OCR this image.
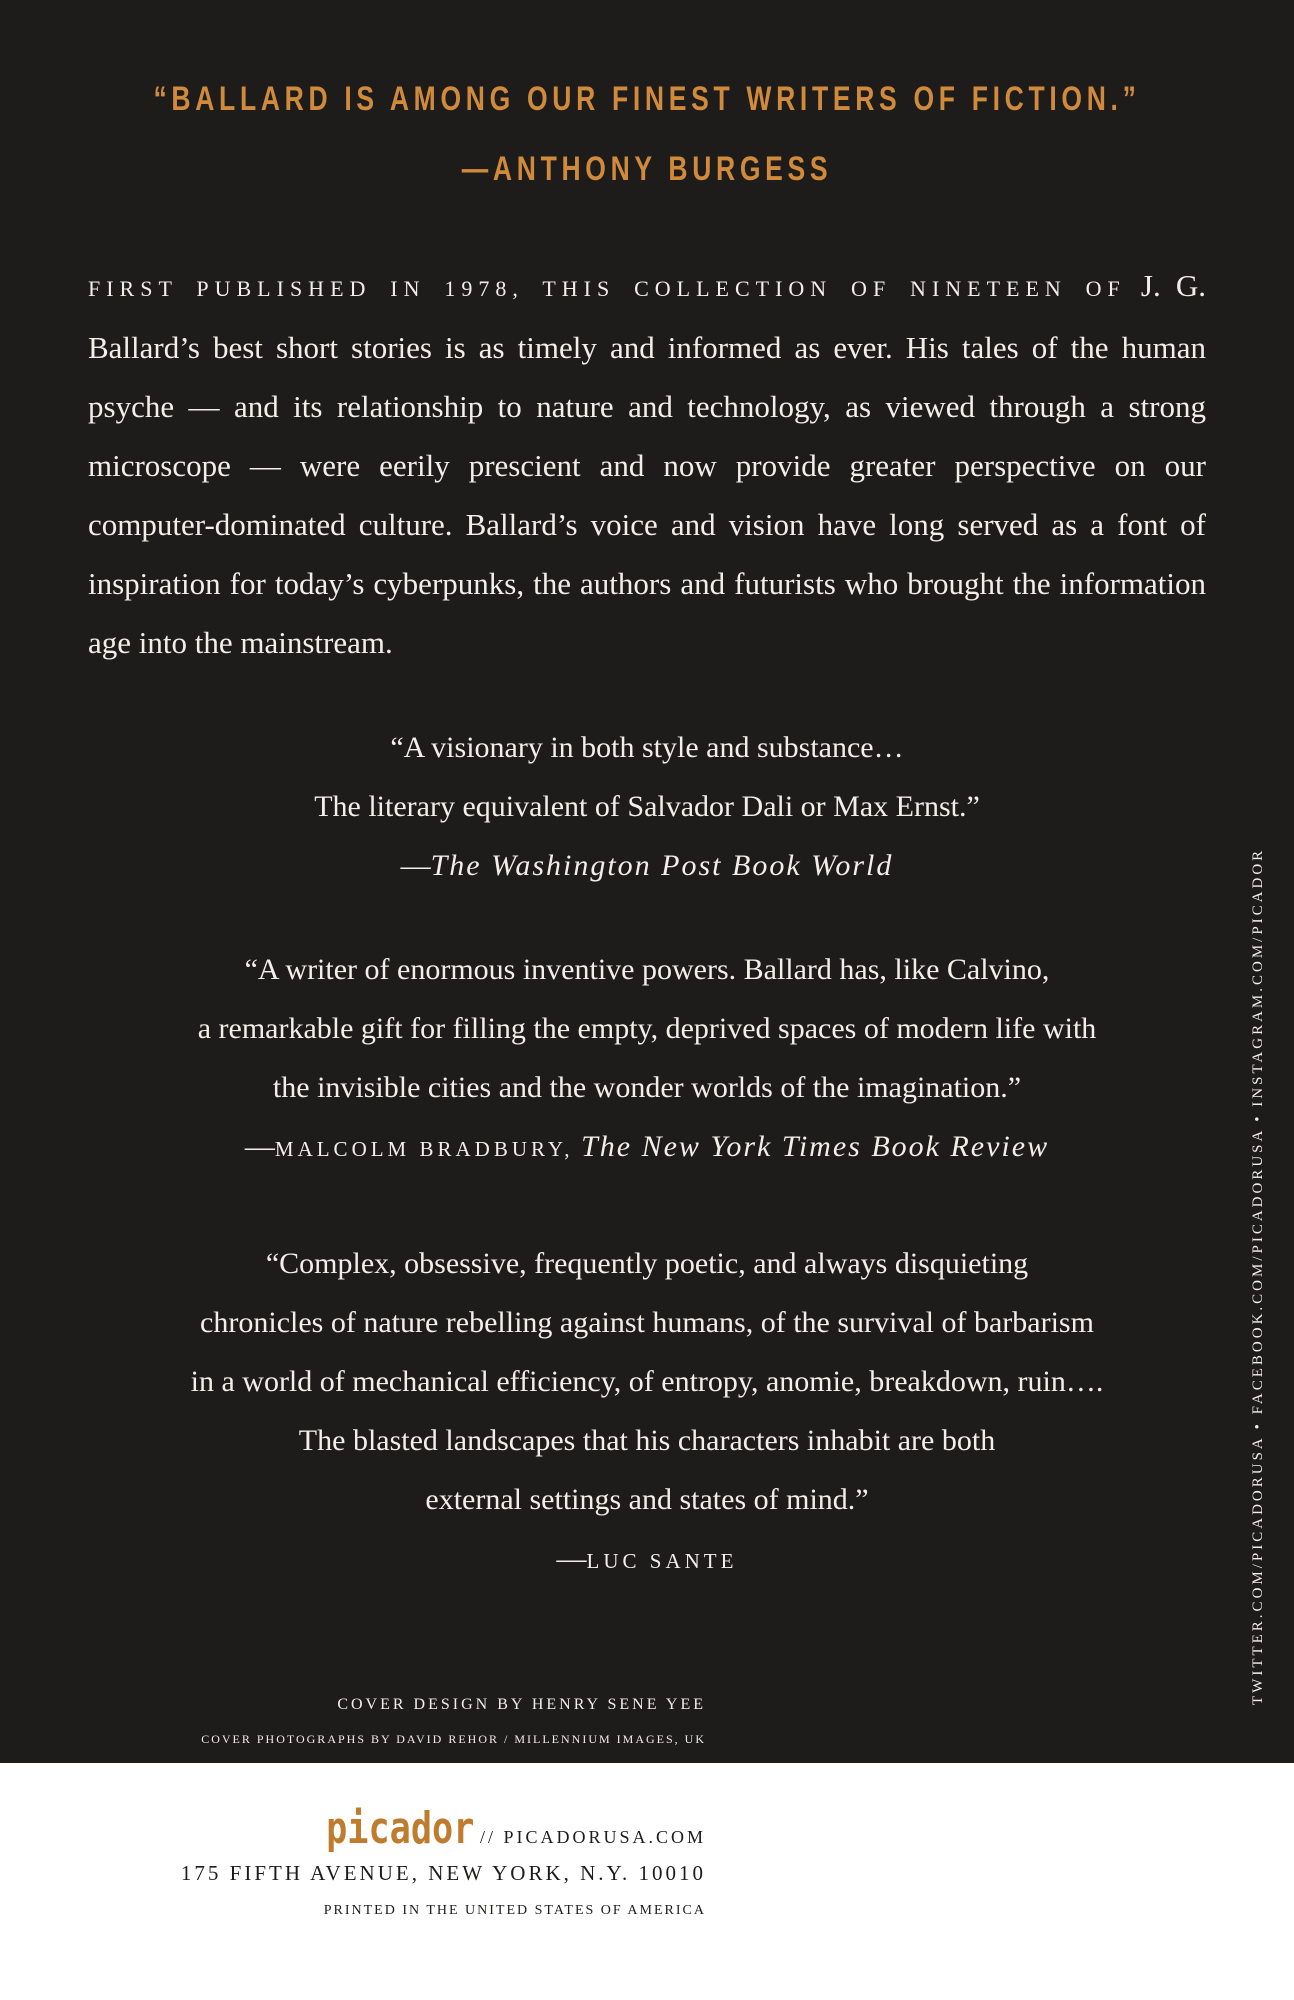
“BALLARD IS AMONG OUR FINEST WRITERS OF FICTION.”
—ANTHONY BURGESS

FIRST PUBLISHED IN 1978, THIS COLLECTION OF NINETEEN OF J. G. Ballard’s best short stories is as timely and informed as ever. His tales of the human psyche — and its relationship to nature and technology, as viewed through a strong microscope — were eerily prescient and now provide greater perspective on our computer-dominated culture. Ballard’s voice and vision have long served as a font of inspiration for today’s cyberpunks, the authors and futurists who brought the information age into the mainstream.

“A visionary in both style and substance…
The literary equivalent of Salvador Dali or Max Ernst.”
—The Washington Post Book World

“A writer of enormous inventive powers. Ballard has, like Calvino,
a remarkable gift for filling the empty, deprived spaces of modern life with
the invisible cities and the wonder worlds of the imagination.”
—MALCOLM BRADBURY, The New York Times Book Review

“Complex, obsessive, frequently poetic, and always disquieting
chronicles of nature rebelling against humans, of the survival of barbarism
in a world of mechanical efficiency, of entropy, anomie, breakdown, ruin….
The blasted landscapes that his characters inhabit are both
external settings and states of mind.”
—LUC SANTE

COVER DESIGN BY HENRY SENE YEE
COVER PHOTOGRAPHS BY DAVID REHOR / MILLENNIUM IMAGES, UK
TWITTER.COM/PICADORUSA • FACEBOOK.COM/PICADORUSA • INSTAGRAM.COM/PICADOR
picador // PICADORUSA.COM
175 FIFTH AVENUE, NEW YORK, N.Y. 10010
PRINTED IN THE UNITED STATES OF AMERICA
